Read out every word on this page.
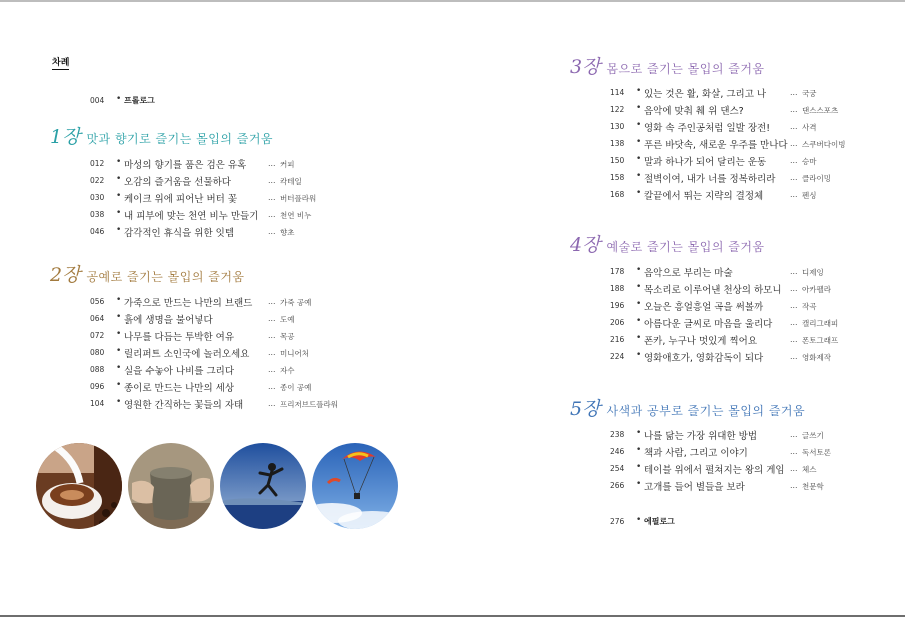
차례
004	• 프롤로그
1장 맛과 향기로 즐기는 몰입의 즐거움
012	• 마성의 향기를 품은 검은 유혹	… 커피
022	• 오감의 즐거움을 선물하다	… 칵테일
030	• 케이크 위에 피어난 버터 꽃	… 버터플라워
038	• 내 피부에 맞는 천연 비누 만들기 … 천연 비누
046	• 감각적인 휴식을 위한 잇템	… 향초
2장 공예로 즐기는 몰입의 즐거움
056	• 가죽으로 만드는 나만의 브랜드 … 가죽 공예
064	• 흙에 생명을 불어넣다	… 도예
072	• 나무를 다듬는 투박한 여유	… 목공
080	• 릴리퍼트 소인국에 놀러오세요 … 미니어처
088	• 실을 수놓아 나비를 그리다	… 자수
096	• 종이로 만드는 나만의 세상	… 종이 공예
104	• 영원한 간직하는 꽃들의 자태	… 프리저브드플라워
3장 몸으로 즐기는 몰입의 즐거움
114	• 있는 것은 활, 화살, 그리고 나	… 국궁
122	• 음악에 맞춰 췌 위 댄스?	… 댄스스포츠
130	• 영화 속 주인공처럼 일발 장전!	… 사격
138	• 푸른 바닷속, 새로운 우주를 만나다 … 스쿠버다이빙
150	• 말과 하나가 되어 달리는 운동	… 승마
158	• 절벽이여, 내가 너를 정복하리라 … 클라이밍
168	• 칼끝에서 뛰는 지략의 결정체	… 펜싱
4장 예술로 즐기는 몰입의 즐거움
178	• 음악으로 부리는 마술	… 디제잉
188	• 목소리로 이루어낸 천상의 하모니 … 아카펠라
196	• 오늘은 흥얼흥얼 곡을 써볼까	… 작곡
206	• 아름다운 글씨로 마음을 울리다 … 캘리그래피
216	• 폰카, 누구나 멋있게 찍어요	… 폰토그래프
224	• 영화애호가, 영화감독이 되다	… 영화제작
5장 사색과 공부로 즐기는 몰입의 즐거움
238	• 나를 닮는 가장 위대한 방법	… 글쓰기
246	• 책과 사람, 그리고 이야기	… 독서토론
254	• 테이블 위에서 펼쳐지는 왕의 게임 … 체스
266	• 고개를 들어 별들을 보라	… 천문학
276	• 에필로그
